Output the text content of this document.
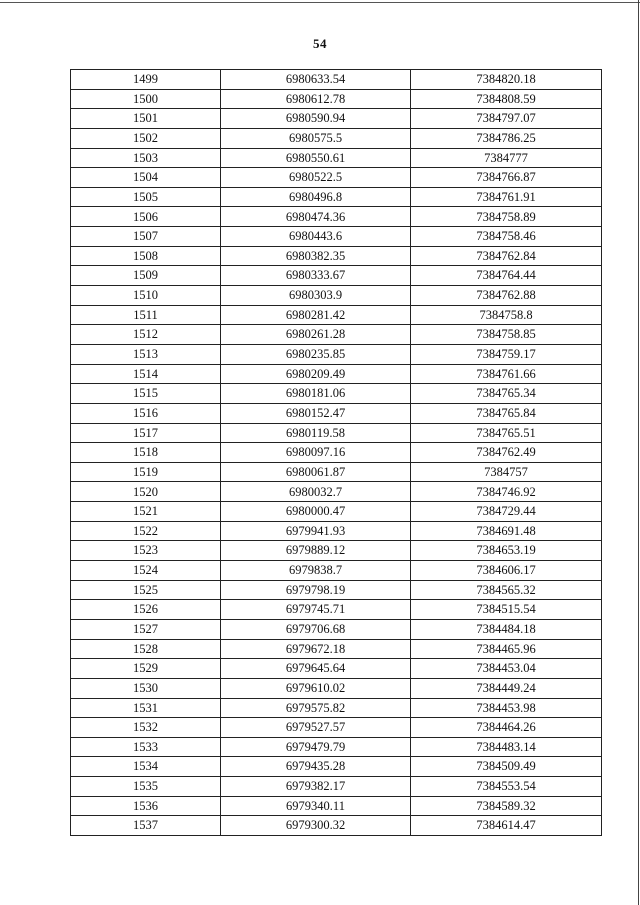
54
1499	6980633.54	7384820.18
1500	6980612.78	7384808.59
1501	6980590.94	7384797.07
1502	6980575.5	7384786.25
1503	6980550.61	7384777
1504	6980522.5	7384766.87
1505	6980496.8	7384761.91
1506	6980474.36	7384758.89
1507	6980443.6	7384758.46
1508	6980382.35	7384762.84
1509	6980333.67	7384764.44
1510	6980303.9	7384762.88
1511	6980281.42	7384758.8
1512	6980261.28	7384758.85
1513	6980235.85	7384759.17
1514	6980209.49	7384761.66
1515	6980181.06	7384765.34
1516	6980152.47	7384765.84
1517	6980119.58	7384765.51
1518	6980097.16	7384762.49
1519	6980061.87	7384757
1520	6980032.7	7384746.92
1521	6980000.47	7384729.44
1522	6979941.93	7384691.48
1523	6979889.12	7384653.19
1524	6979838.7	7384606.17
1525	6979798.19	7384565.32
1526	6979745.71	7384515.54
1527	6979706.68	7384484.18
1528	6979672.18	7384465.96
1529	6979645.64	7384453.04
1530	6979610.02	7384449.24
1531	6979575.82	7384453.98
1532	6979527.57	7384464.26
1533	6979479.79	7384483.14
1534	6979435.28	7384509.49
1535	6979382.17	7384553.54
1536	6979340.11	7384589.32
1537	6979300.32	7384614.47
